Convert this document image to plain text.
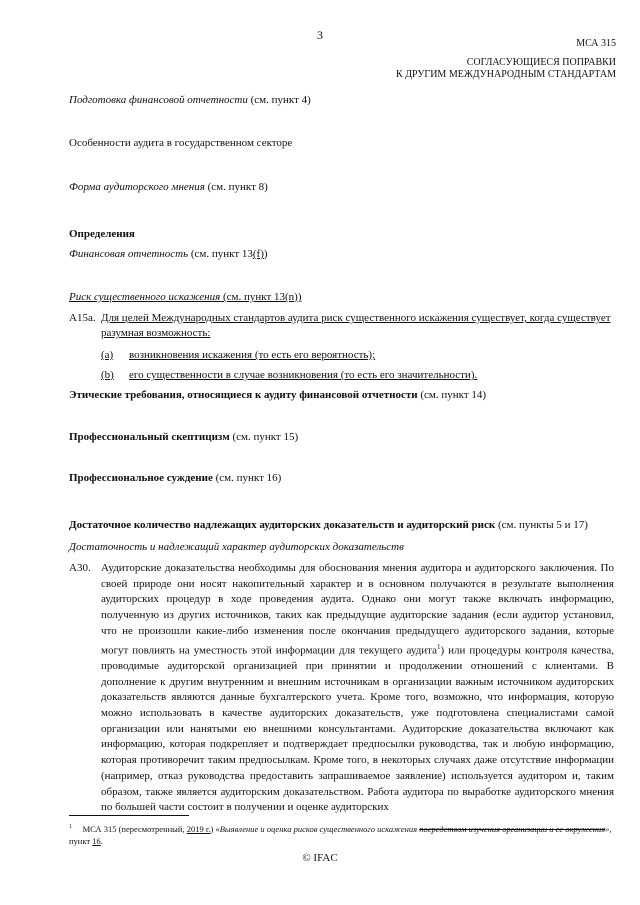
3
МСА 315
СОГЛАСУЮЩИЕСЯ ПОПРАВКИ
К ДРУГИМ МЕЖДУНАРОДНЫМ СТАНДАРТАМ
Подготовка финансовой отчетности (см. пункт 4)
Особенности аудита в государственном секторе
Форма аудиторского мнения (см. пункт 8)
Определения
Финансовая отчетность (см. пункт 13(f))
Риск существенного искажения (см. пункт 13(n))
A15a. Для целей Международных стандартов аудита риск существенного искажения существует, когда существует
разумная возможность:
(a) возникновения искажения (то есть его вероятность);
(b) его существенности в случае возникновения (то есть его значительности).
Этические требования, относящиеся к аудиту финансовой отчетности (см. пункт 14)
Профессиональный скептицизм (см. пункт 15)
Профессиональное суждение (см. пункт 16)
Достаточное количество надлежащих аудиторских доказательств и аудиторский риск (см. пункты 5 и 17)
Достаточность и надлежащий характер аудиторских доказательств
A30. Аудиторские доказательства необходимы для обоснования мнения аудитора и аудиторского заключения. По своей природе они носят накопительный характер и в основном получаются в результате выполнения аудиторских процедур в ходе проведения аудита. Однако они могут также включать информацию, полученную из других источников, таких как предыдущие аудиторские задания (если аудитор установил, что не произошли какие-либо изменения после окончания предыдущего аудиторского задания, которые могут повлиять на уместность этой информации для текущего аудита$^1$) или процедуры контроля качества, проводимые аудиторской организацией при принятии и продолжении отношений с клиентами. В дополнение к другим внутренним и внешним источникам в организации важным источником аудиторских доказательств являются данные бухгалтерского учета. Кроме того, возможно, что информация, которую можно использовать в качестве аудиторских доказательств, уже подготовлена специалистами самой организации или нанятыми ею внешними консультантами. Аудиторские доказательства включают как информацию, которая подкрепляет и подтверждает предпосылки руководства, так и любую информацию, которая противоречит таким предпосылкам. Кроме того, в некоторых случаях даже отсутствие информации (например, отказ руководства предоставить запрашиваемое заявление) используется аудитором и, таким образом, также является аудиторским доказательством. Работа аудитора по выработке аудиторского мнения по большей части состоит в получении и оценке аудиторских

$^1$ МСА 315 (пересмотренный, 2019 г.) «Выявление и оценка рисков существенного искажения посредством изучения организации и ее окружения», пункт 16.
© IFAC
